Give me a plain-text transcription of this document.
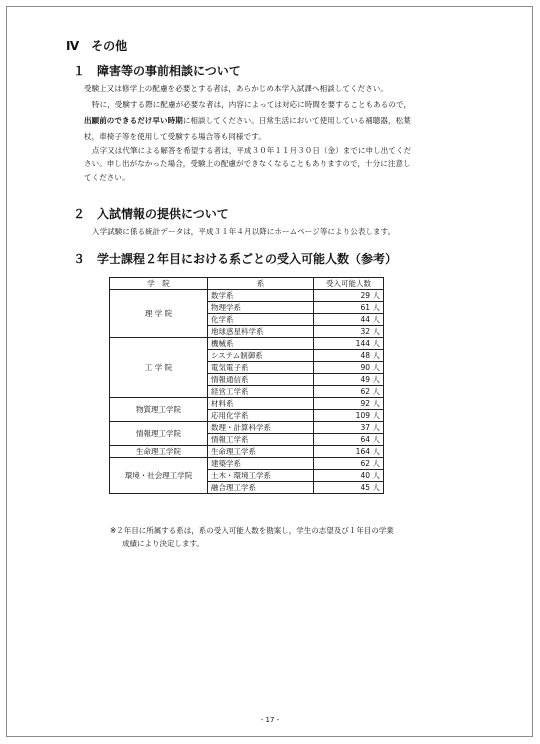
Ⅳ　その他
１　障害等の事前相談について
受験上又は修学上の配慮を必要とする者は，あらかじめ本学入試課へ相談してください。
特に，受験する際に配慮が必要な者は，内容によっては対応に時間を要することもあるので，
出願前のできるだけ早い時期に相談してください。日常生活において使用している補聴器，松葉
杖，車椅子等を使用して受験する場合等も同様です。
点字又は代筆による解答を希望する者は，平成３０年１１月３０日（金）までに申し出てくだ
さい。申し出がなかった場合，受験上の配慮ができなくなることもありますので，十分に注意し
てください。
２　入試情報の提供について
入学試験に係る統計データは，平成３１年４月以降にホームページ等により公表します。
３　学士課程２年目における系ごとの受入可能人数（参考）
学　院	系	受入可能人数
理 学 院	数学系	29 人
	物理学系	61 人
	化学系	44 人
	地球惑星科学系	32 人
工 学 院	機械系	144 人
	システム制御系	48 人
	電気電子系	90 人
	情報通信系	49 人
	経営工学系	62 人
物質理工学院	材料系	92 人
	応用化学系	109 人
情報理工学院	数理・計算科学系	37 人
	情報工学系	64 人
生命理工学院	生命理工学系	164 人
環境・社会理工学院	建築学系	62 人
	土木・環境工学系	40 人
	融合理工学系	45 人
※２年目に所属する系は，系の受入可能人数を勘案し，学生の志望及び１年目の学業
成績により決定します。
- 17 -
